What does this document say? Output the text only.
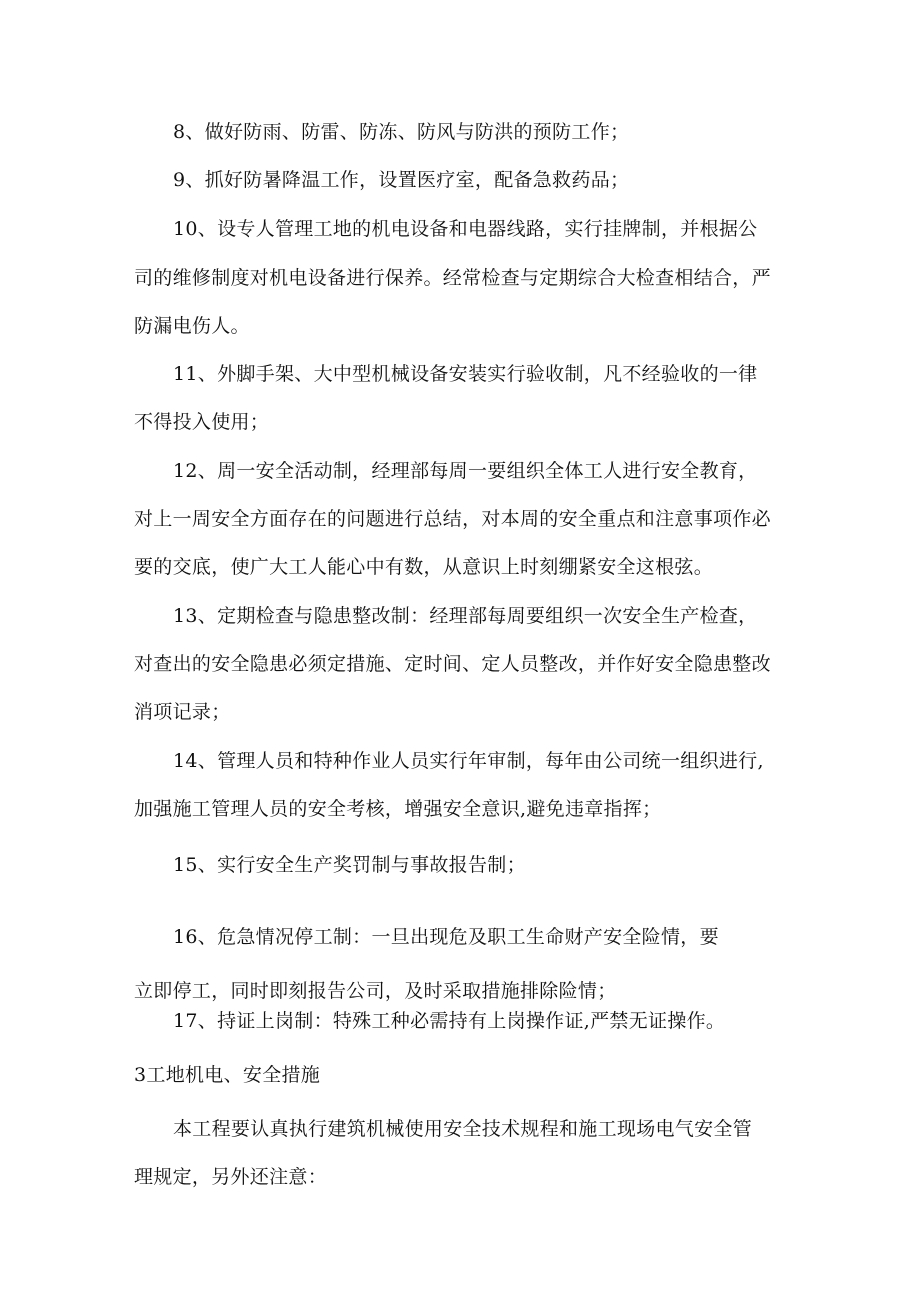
8、做好防雨、防雷、防冻、防风与防洪的预防工作；
9、抓好防暑降温工作，设置医疗室，配备急救药品；
10、设专人管理工地的机电设备和电器线路，实行挂牌制，并根据公
司的维修制度对机电设备进行保养。经常检查与定期综合大检查相结合，严
防漏电伤人。
11、外脚手架、大中型机械设备安装实行验收制，凡不经验收的一律
不得投入使用；
12、周一安全活动制，经理部每周一要组织全体工人进行安全教育，
对上一周安全方面存在的问题进行总结，对本周的安全重点和注意事项作必
要的交底，使广大工人能心中有数，从意识上时刻绷紧安全这根弦。
13、定期检查与隐患整改制：经理部每周要组织一次安全生产检查，
对查出的安全隐患必须定措施、定时间、定人员整改，并作好安全隐患整改
消项记录；
14、管理人员和特种作业人员实行年审制，每年由公司统一组织进行,
加强施工管理人员的安全考核，增强安全意识,避免违章指挥；
15、实行安全生产奖罚制与事故报告制；
16、危急情况停工制：一旦出现危及职工生命财产安全险情，要
立即停工，同时即刻报告公司，及时采取措施排除险情；
17、持证上岗制：特殊工种必需持有上岗操作证,严禁无证操作。
3工地机电、安全措施
本工程要认真执行建筑机械使用安全技术规程和施工现场电气安全管
理规定，另外还注意：
